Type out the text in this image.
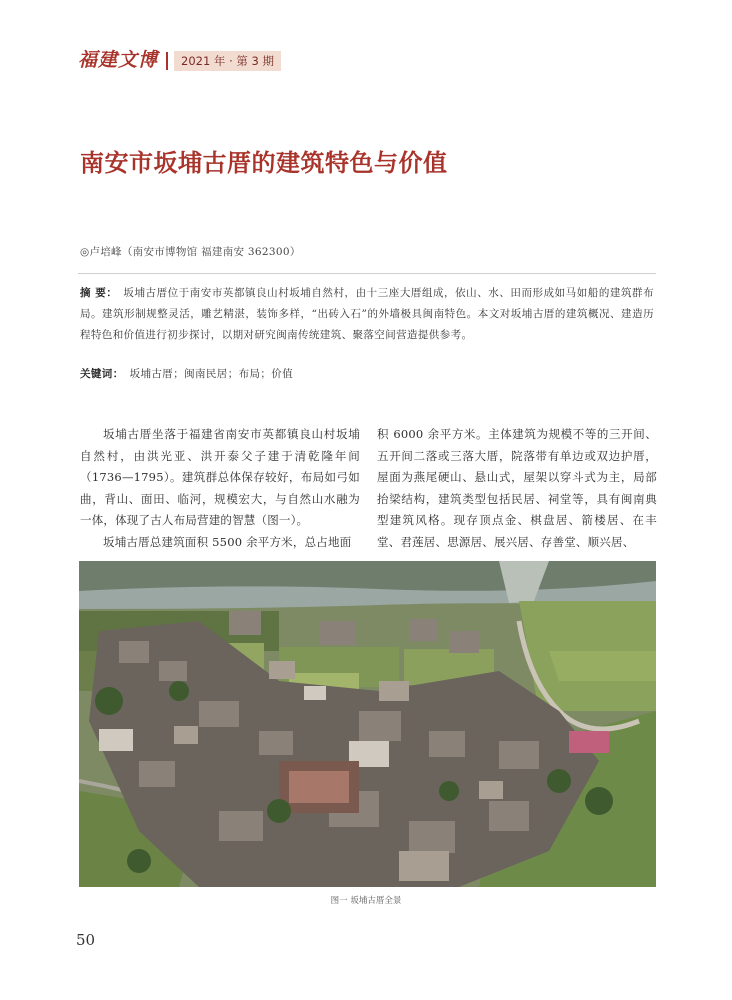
福建文博	2021 年 · 第 3 期
南安市坂埔古厝的建筑特色与价值
◎卢培峰（南安市博物馆 福建南安 362300）
摘 要： 坂埔古厝位于南安市英都镇良山村坂埔自然村，由十三座大厝组成，依山、水、田而形成如马如船的建筑群布局。建筑形制规整灵活，雕艺精湛，装饰多样，“出砖入石”的外墙极具闽南特色。本文对坂埔古厝的建筑概况、建造历程特色和价值进行初步探讨，以期对研究闽南传统建筑、聚落空间营造提供参考。
关键词： 坂埔古厝；闽南民居；布局；价值

坂埔古厝坐落于福建省南安市英都镇良山村坂埔自然村，由洪光亚、洪开泰父子建于清乾隆年间（1736—1795）。建筑群总体保存较好，布局如弓如曲，背山、面田、临河，规模宏大，与自然山水融为一体，体现了古人布局营建的智慧（图一）。

坂埔古厝总建筑面积 5500 余平方米，总占地面

积 6000 余平方米。主体建筑为规模不等的三开间、五开间二落或三落大厝，院落带有单边或双边护厝，屋面为燕尾硬山、悬山式，屋架以穿斗式为主，局部抬梁结构，建筑类型包括民居、祠堂等，具有闽南典型建筑风格。现存顶点金、棋盘居、箭楼居、在丰堂、君莲居、思源居、展兴居、存善堂、顺兴居、

图一 坂埔古厝全景
50
